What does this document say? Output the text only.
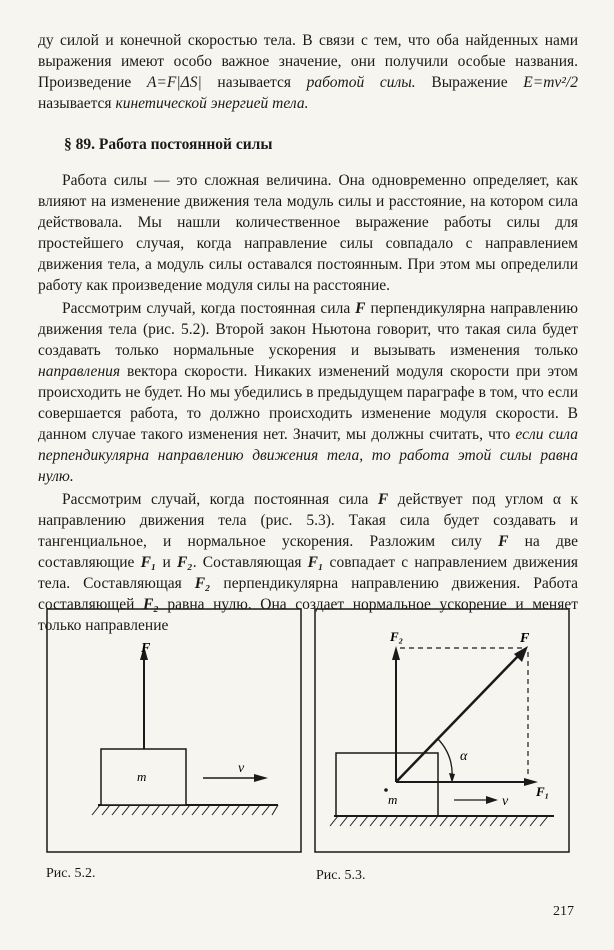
ду силой и конечной скоростью тела. В связи с тем, что оба найденных нами выражения имеют особо важное значение, они получили особые названия. Произведение A=F|ΔS| называется работой силы. Выражение E=mv²/2 называется кинетической энергией тела.

§ 89. Работа постоянной силы

Работа силы — это сложная величина. Она одновременно определяет, как влияют на изменение движения тела модуль силы и расстояние, на котором сила действовала. Мы нашли количественное выражение работы силы для простейшего случая, когда направление силы совпадало с направлением движения тела, а модуль силы оставался постоянным. При этом мы определили работу как произведение модуля силы на расстояние.

Рассмотрим случай, когда постоянная сила F перпендикулярна направлению движения тела (рис. 5.2). Второй закон Ньютона говорит, что такая сила будет создавать только нормальные ускорения и вызывать изменения только направления вектора скорости. Никаких изменений модуля скорости при этом происходить не будет. Но мы убедились в предыдущем параграфе в том, что если совершается работа, то должно происходить изменение модуля скорости. В данном случае такого изменения нет. Значит, мы должны считать, что если сила перпендикулярна направлению движения тела, то работа этой силы равна нулю.

Рассмотрим случай, когда постоянная сила F действует под углом α к направлению движения тела (рис. 5.3). Такая сила будет создавать и тангенциальное, и нормальное ускорения. Разложим силу F на две составляющие F₁ и F₂. Составляющая F₁ совпадает с направлением движения тела. Составляющая F₂ перпендикулярна направлению движения. Работа составляющей F₂ равна нулю. Она создает нормальное ускорение и меняет только направление

F
m
v
Рис. 5.2.
F₂	F
F₁
α
m	v
Рис. 5.3.
217
